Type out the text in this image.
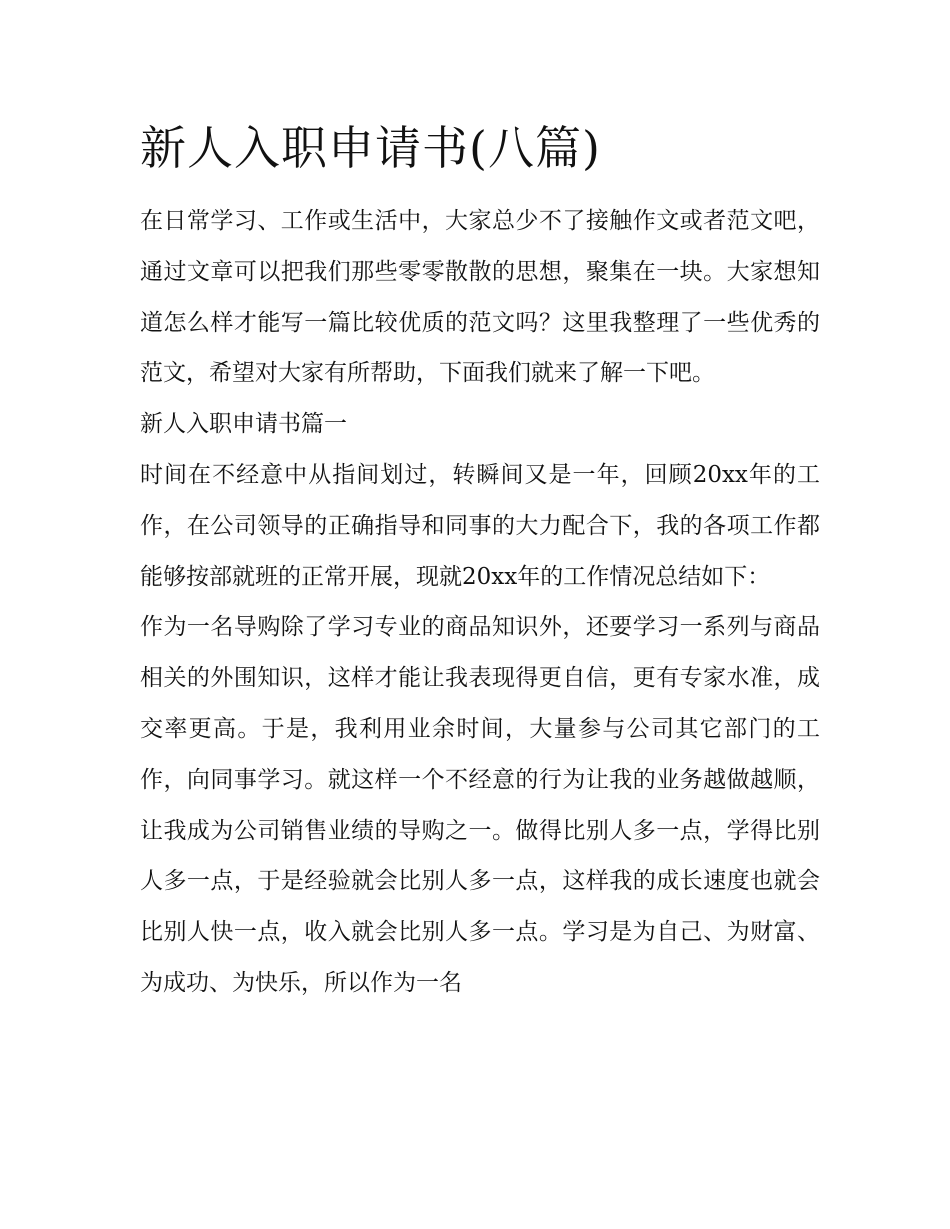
新人入职申请书(八篇)

在日常学习、工作或生活中，大家总少不了接触作文或者范文吧，通过文章可以把我们那些零零散散的思想，聚集在一块。大家想知道怎么样才能写一篇比较优质的范文吗？这里我整理了一些优秀的范文，希望对大家有所帮助，下面我们就来了解一下吧。

新人入职申请书篇一

时间在不经意中从指间划过，转瞬间又是一年，回顾20xx年的工作，在公司领导的正确指导和同事的大力配合下，我的各项工作都能够按部就班的正常开展，现就20xx年的工作情况总结如下：

作为一名导购除了学习专业的商品知识外，还要学习一系列与商品相关的外围知识，这样才能让我表现得更自信，更有专家水准，成交率更高。于是，我利用业余时间，大量参与公司其它部门的工作，向同事学习。就这样一个不经意的行为让我的业务越做越顺，让我成为公司销售业绩的导购之一。做得比别人多一点，学得比别人多一点，于是经验就会比别人多一点，这样我的成长速度也就会比别人快一点，收入就会比别人多一点。学习是为自己、为财富、为成功、为快乐，所以作为一名
